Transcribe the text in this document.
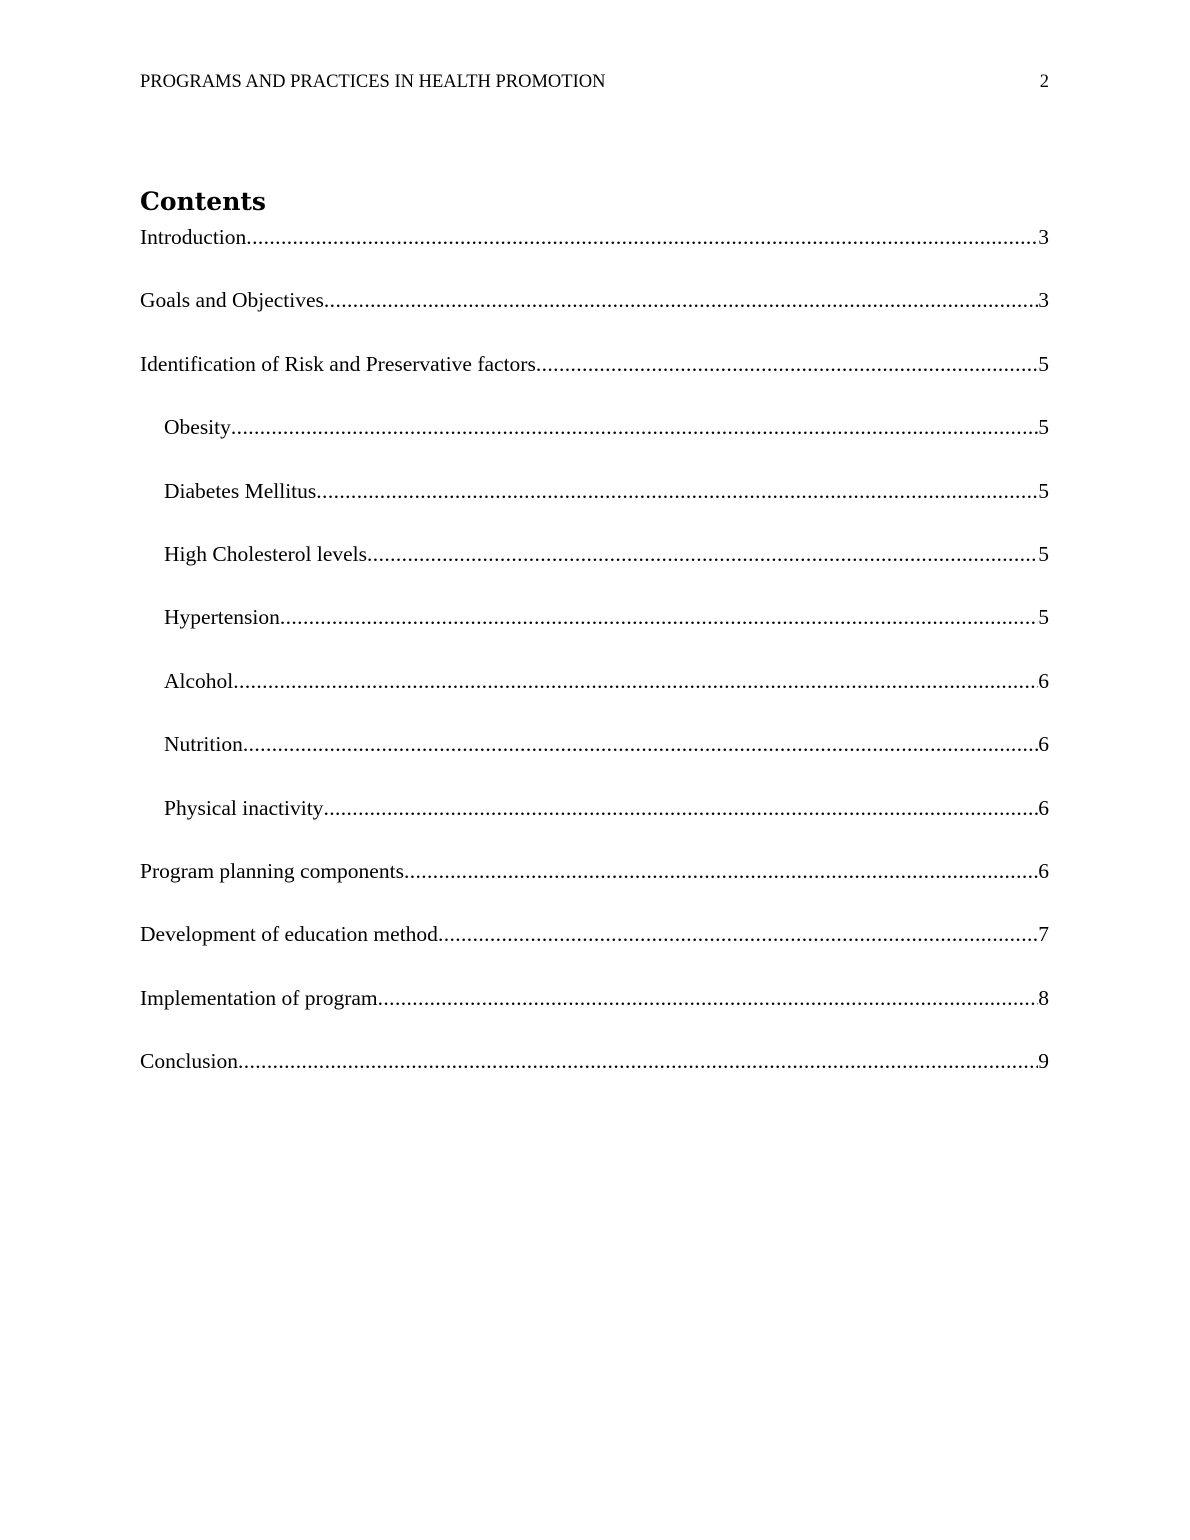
PROGRAMS AND PRACTICES IN HEALTH PROMOTION	2
Contents
Introduction .....	3
Goals and Objectives .....	3
Identification of Risk and Preservative factors .....	5
Obesity .....	5
Diabetes Mellitus .....	5
High Cholesterol levels .....	5
Hypertension .....	5
Alcohol .....	6
Nutrition .....	6
Physical inactivity .....	6
Program planning components .....	6
Development of education method .....	7
Implementation of program .....	8
Conclusion .....	9
